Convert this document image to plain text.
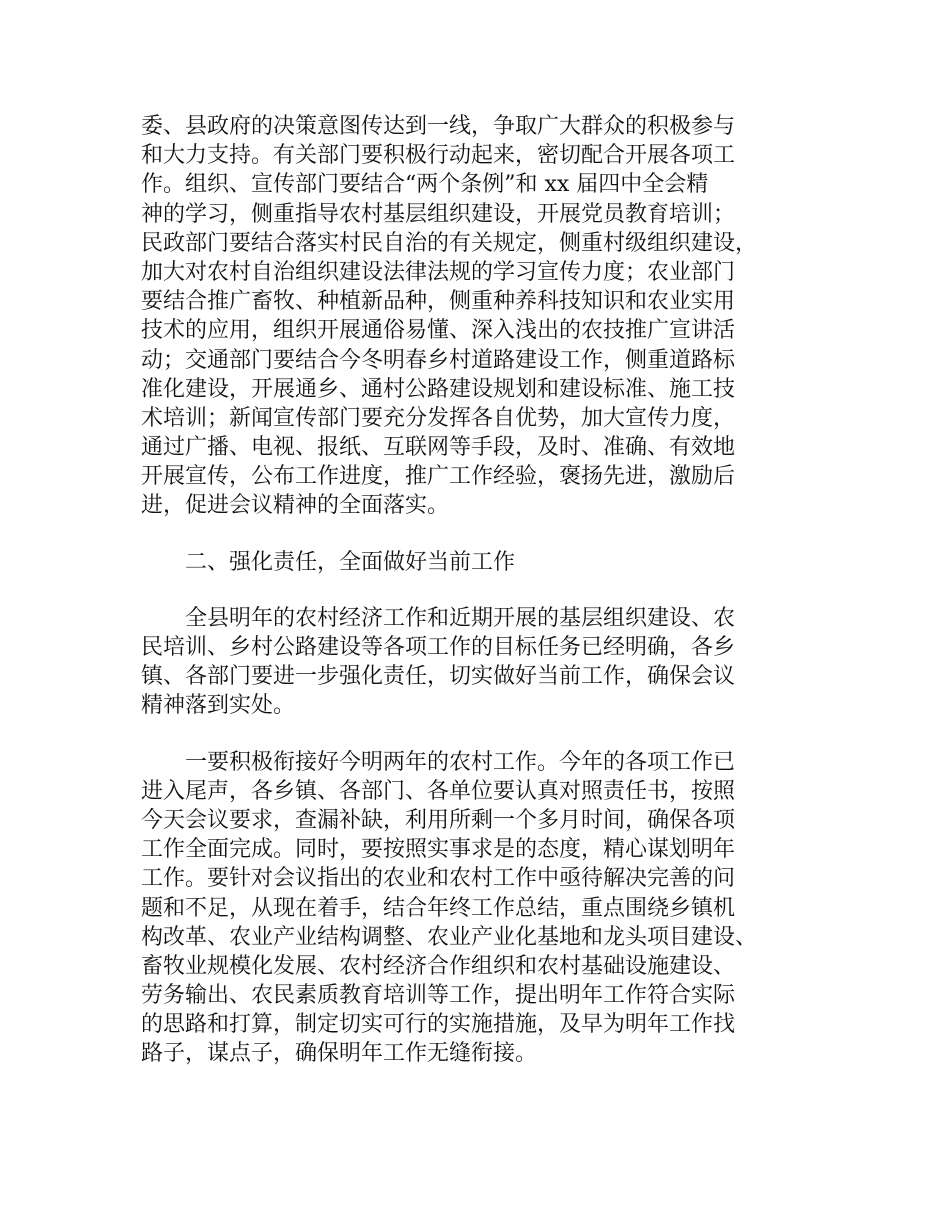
委、县政府的决策意图传达到一线，争取广大群众的积极参与
和大力支持。有关部门要积极行动起来，密切配合开展各项工
作。组织、宣传部门要结合“两个条例”和 xx 届四中全会精
神的学习，侧重指导农村基层组织建设，开展党员教育培训；
民政部门要结合落实村民自治的有关规定，侧重村级组织建设，
加大对农村自治组织建设法律法规的学习宣传力度；农业部门
要结合推广畜牧、种植新品种，侧重种养科技知识和农业实用
技术的应用，组织开展通俗易懂、深入浅出的农技推广宣讲活
动；交通部门要结合今冬明春乡村道路建设工作，侧重道路标
准化建设，开展通乡、通村公路建设规划和建设标准、施工技
术培训；新闻宣传部门要充分发挥各自优势，加大宣传力度，
通过广播、电视、报纸、互联网等手段，及时、准确、有效地
开展宣传，公布工作进度，推广工作经验，褒扬先进，激励后
进，促进会议精神的全面落实。
　　二、强化责任，全面做好当前工作
　　全县明年的农村经济工作和近期开展的基层组织建设、农
民培训、乡村公路建设等各项工作的目标任务已经明确，各乡
镇、各部门要进一步强化责任，切实做好当前工作，确保会议
精神落到实处。
　　一要积极衔接好今明两年的农村工作。今年的各项工作已
进入尾声，各乡镇、各部门、各单位要认真对照责任书，按照
今天会议要求，查漏补缺，利用所剩一个多月时间，确保各项
工作全面完成。同时，要按照实事求是的态度，精心谋划明年
工作。要针对会议指出的农业和农村工作中亟待解决完善的问
题和不足，从现在着手，结合年终工作总结，重点围绕乡镇机
构改革、农业产业结构调整、农业产业化基地和龙头项目建设、
畜牧业规模化发展、农村经济合作组织和农村基础设施建设、
劳务输出、农民素质教育培训等工作，提出明年工作符合实际
的思路和打算，制定切实可行的实施措施，及早为明年工作找
路子，谋点子，确保明年工作无缝衔接。
